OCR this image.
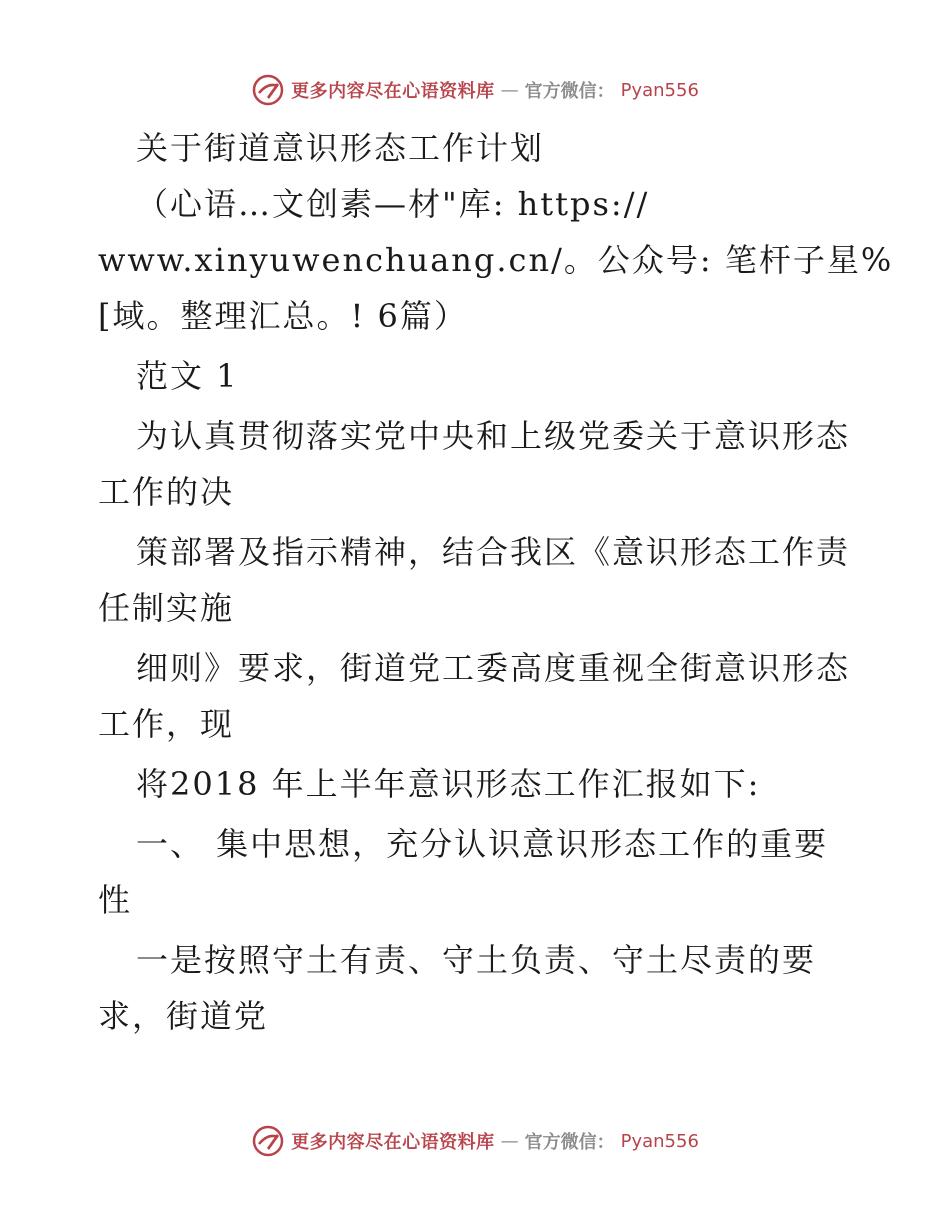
更多内容尽在心语资料库 — 官方微信： Pyan556
关于街道意识形态工作计划
（心语…文创素—材"库: https://
www.xinyuwenchuang.cn/。公众号: 笔杆子星%
[域。整理汇总。! 6篇）
范文 1
为认真贯彻落实党中央和上级党委关于意识形态
工作的决
策部署及指示精神，结合我区《意识形态工作责
任制实施
细则》要求，街道党工委高度重视全街意识形态
工作，现
将2018 年上半年意识形态工作汇报如下:
一、 集中思想，充分认识意识形态工作的重要
性
一是按照守土有责、守土负责、守土尽责的要
求，街道党
更多内容尽在心语资料库 — 官方微信： Pyan556
